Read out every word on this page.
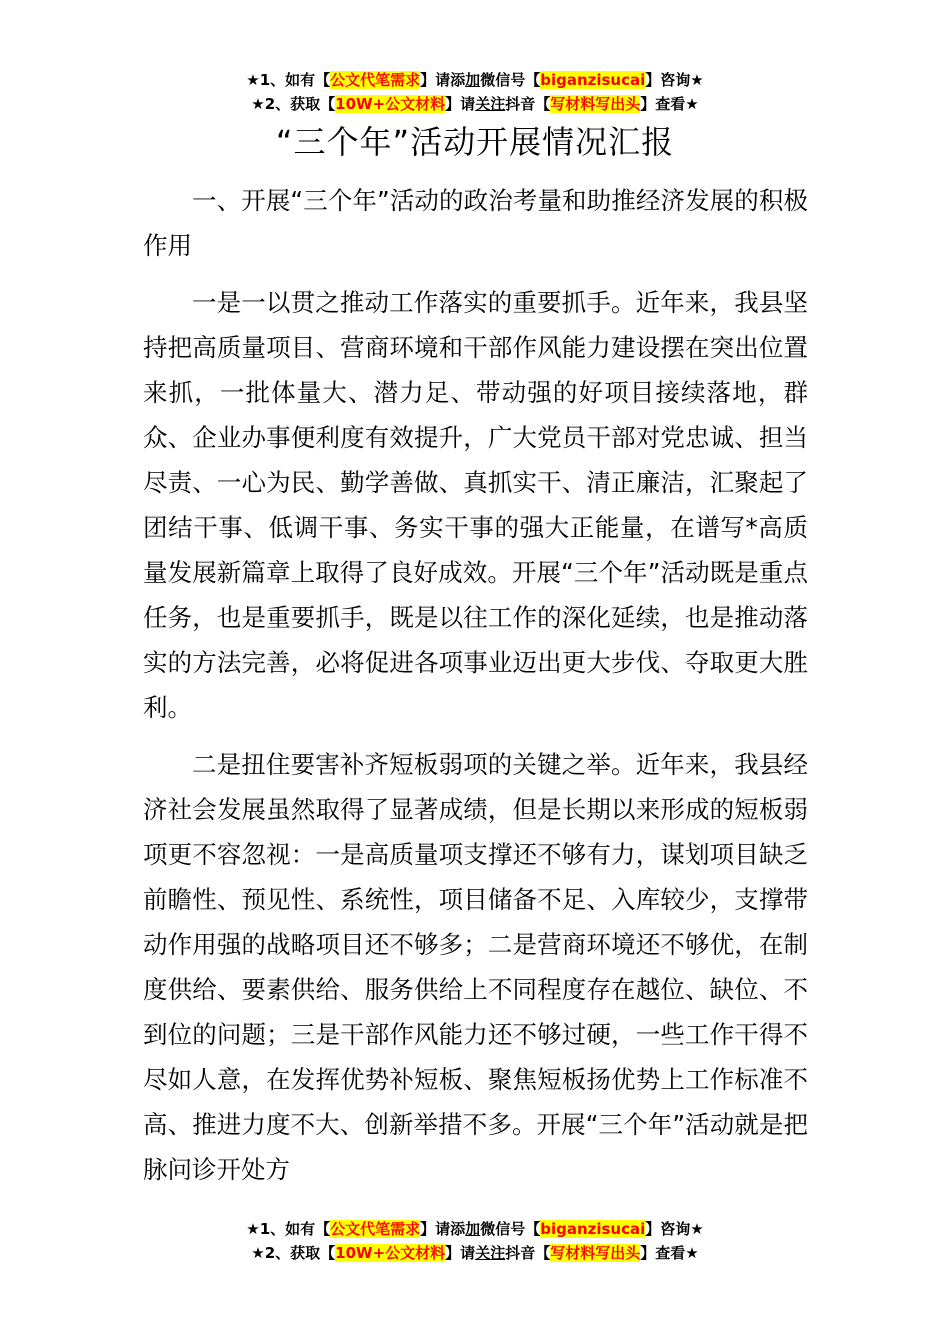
★1、如有【公文代笔需求】请添加微信号【biganzisucai】咨询★
★2、获取【10W+公文材料】请关注抖音【写材料写出头】查看★
“三个年”活动开展情况汇报

一、开展“三个年”活动的政治考量和助推经济发展的积极作用

一是一以贯之推动工作落实的重要抓手。近年来，我县坚持把高质量项目、营商环境和干部作风能力建设摆在突出位置来抓，一批体量大、潜力足、带动强的好项目接续落地，群众、企业办事便利度有效提升，广大党员干部对党忠诚、担当尽责、一心为民、勤学善做、真抓实干、清正廉洁，汇聚起了团结干事、低调干事、务实干事的强大正能量，在谱写*高质量发展新篇章上取得了良好成效。开展“三个年”活动既是重点任务，也是重要抓手，既是以往工作的深化延续，也是推动落实的方法完善，必将促进各项事业迈出更大步伐、夺取更大胜利。

二是扭住要害补齐短板弱项的关键之举。近年来，我县经济社会发展虽然取得了显著成绩，但是长期以来形成的短板弱项更不容忽视：一是高质量项支撑还不够有力，谋划项目缺乏前瞻性、预见性、系统性，项目储备不足、入库较少，支撑带动作用强的战略项目还不够多；二是营商环境还不够优，在制度供给、要素供给、服务供给上不同程度存在越位、缺位、不到位的问题；三是干部作风能力还不够过硬，一些工作干得不尽如人意，在发挥优势补短板、聚焦短板扬优势上工作标准不高、推进力度不大、创新举措不多。开展“三个年”活动就是把脉问诊开处方

★1、如有【公文代笔需求】请添加微信号【biganzisucai】咨询★
★2、获取【10W+公文材料】请关注抖音【写材料写出头】查看★
